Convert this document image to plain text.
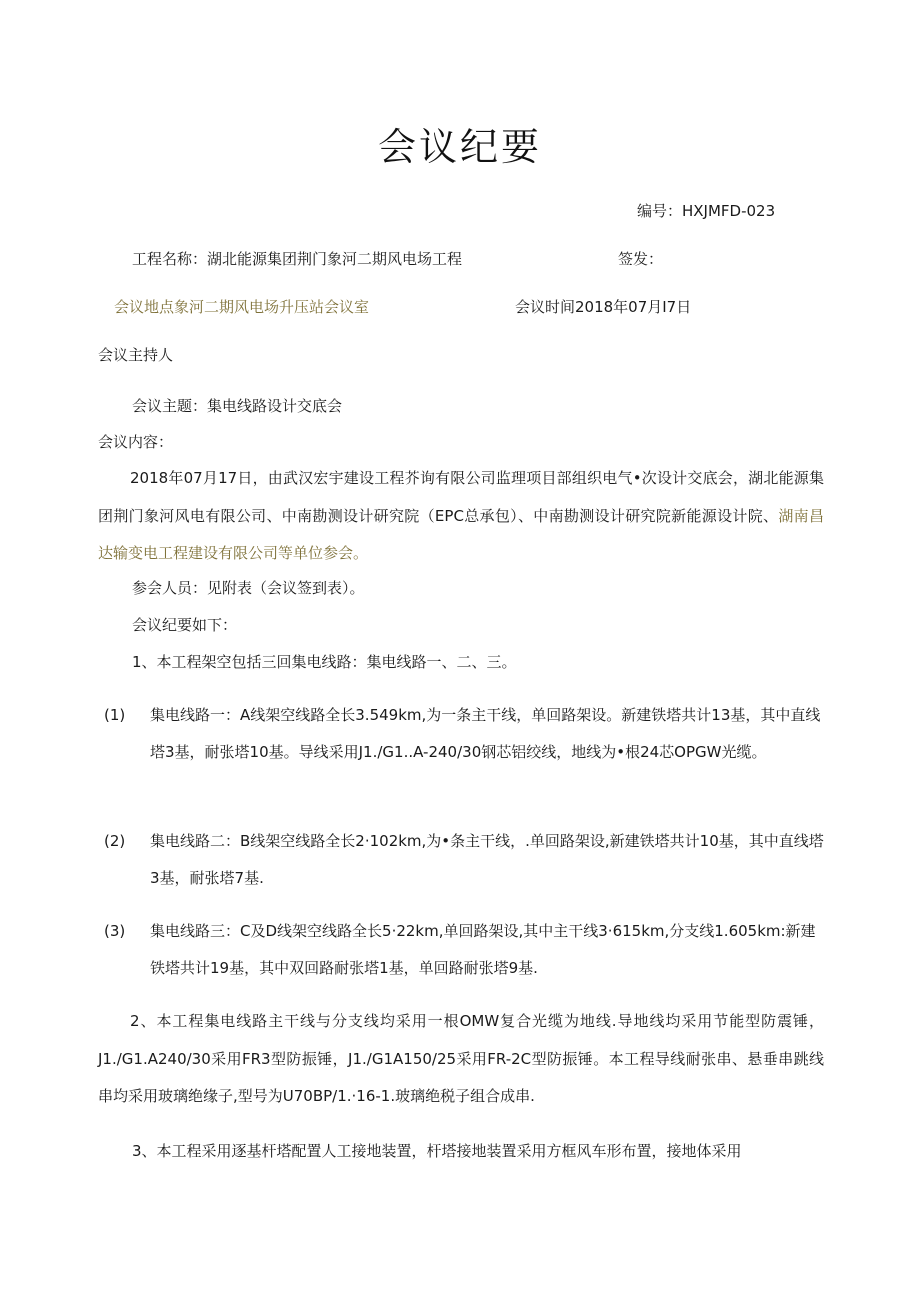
会议纪要
编号：HXJMFD-023
工程名称：湖北能源集团荆门象河二期风电场工程	签发：
会议地点象河二期风电场升压站会议室	会议时间2018年07月I7日
会议主持人
会议主题：集电线路设计交底会
会议内容：
2018年07月17日，由武汉宏宇建设工程芥询有限公司监理项目部组织电气•次设计交底会，湖北能源集团荆门象河风电有限公司、中南勘测设计研究院（EPC总承包）、中南勘测设计研究院新能源设计院、湖南昌达输变电工程建设有限公司等单位参会。
参会人员：见附表（会议签到表）。
会议纪要如下：
1、本工程架空包括三回集电线路：集电线路一、二、三。
(1) 集电线路一：A线架空线路全长3.549km,为一条主干线，单回路架设。新建铁塔共计13基，其中直线塔3基，耐张塔10基。导线采用J1./G1..A-240/30钢芯铝绞线，地线为•根24芯OPGW光缆。
(2) 集电线路二：B线架空线路全长2·102km,为•条主干线，.单回路架设,新建铁塔共计10基，其中直线塔3基，耐张塔7基.
(3) 集电线路三：C及D线架空线路全长5·22km,单回路架设,其中主干线3·615km,分支线1.605km:新建铁塔共计19基，其中双回路耐张塔1基，单回路耐张塔9基.
2、本工程集电线路主干线与分支线均采用一根OMW复合光缆为地线.导地线均采用节能型防震锤，J1./G1.A240/30采用FR3型防振锤，J1./G1A150/25采用FR-2C型防振锤。本工程导线耐张串、悬垂串跳线串均采用玻璃绝缘子,型号为U70BP/1.·16-1.玻璃绝税子组合成串.
3、本工程采用逐基杆塔配置人工接地装置，杆塔接地装置采用方框风车形布置，接地体采用
